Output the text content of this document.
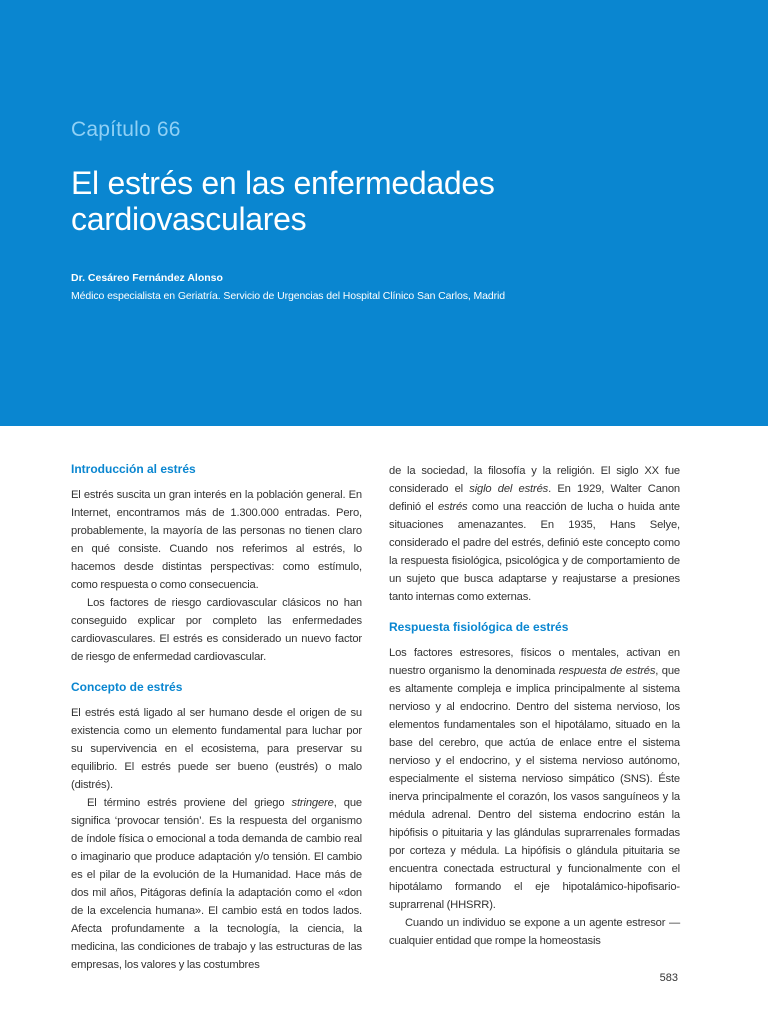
Capítulo 66
El estrés en las enfermedades cardiovasculares
Dr. Cesáreo Fernández Alonso
Médico especialista en Geriatría. Servicio de Urgencias del Hospital Clínico San Carlos, Madrid
Introducción al estrés

El estrés suscita un gran interés en la población general. En Internet, encontramos más de 1.300.000 entradas. Pero, probablemente, la mayoría de las personas no tienen claro en qué consiste. Cuando nos referimos al estrés, lo hacemos desde distintas perspectivas: como estímulo, como respuesta o como consecuencia.

Los factores de riesgo cardiovascular clásicos no han conseguido explicar por completo las enfermedades cardiovasculares. El estrés es considerado un nuevo factor de riesgo de enfermedad cardiovascular.

Concepto de estrés

El estrés está ligado al ser humano desde el origen de su existencia como un elemento fundamental para luchar por su supervivencia en el ecosistema, para preservar su equilibrio. El estrés puede ser bueno (eustrés) o malo (distrés).

El término estrés proviene del griego stringere, que significa ‘provocar tensión’. Es la respuesta del organismo de índole física o emocional a toda demanda de cambio real o imaginario que produce adaptación y/o tensión. El cambio es el pilar de la evolución de la Humanidad. Hace más de dos mil años, Pitágoras definía la adaptación como el «don de la excelencia humana». El cambio está en todos lados. Afecta profundamente a la tecnología, la ciencia, la medicina, las condiciones de trabajo y las estructuras de las empresas, los valores y las costumbres

de la sociedad, la filosofía y la religión. El siglo XX fue considerado el siglo del estrés. En 1929, Walter Canon definió el estrés como una reacción de lucha o huida ante situaciones amenazantes. En 1935, Hans Selye, considerado el padre del estrés, definió este concepto como la respuesta fisiológica, psicológica y de comportamiento de un sujeto que busca adaptarse y reajustarse a presiones tanto internas como externas.

Respuesta fisiológica de estrés

Los factores estresores, físicos o mentales, activan en nuestro organismo la denominada respuesta de estrés, que es altamente compleja e implica principalmente al sistema nervioso y al endocrino. Dentro del sistema nervioso, los elementos fundamentales son el hipotálamo, situado en la base del cerebro, que actúa de enlace entre el sistema nervioso y el endocrino, y el sistema nervioso autónomo, especialmente el sistema nervioso simpático (SNS). Éste inerva principalmente el corazón, los vasos sanguíneos y la médula adrenal. Dentro del sistema endocrino están la hipófisis o pituitaria y las glándulas suprarrenales formadas por corteza y médula. La hipófisis o glándula pituitaria se encuentra conectada estructural y funcionalmente con el hipotálamo formando el eje hipotalámico-hipofisario-suprarrenal (HHSRR).

Cuando un individuo se expone a un agente estresor —cualquier entidad que rompe la homeostasis

583
